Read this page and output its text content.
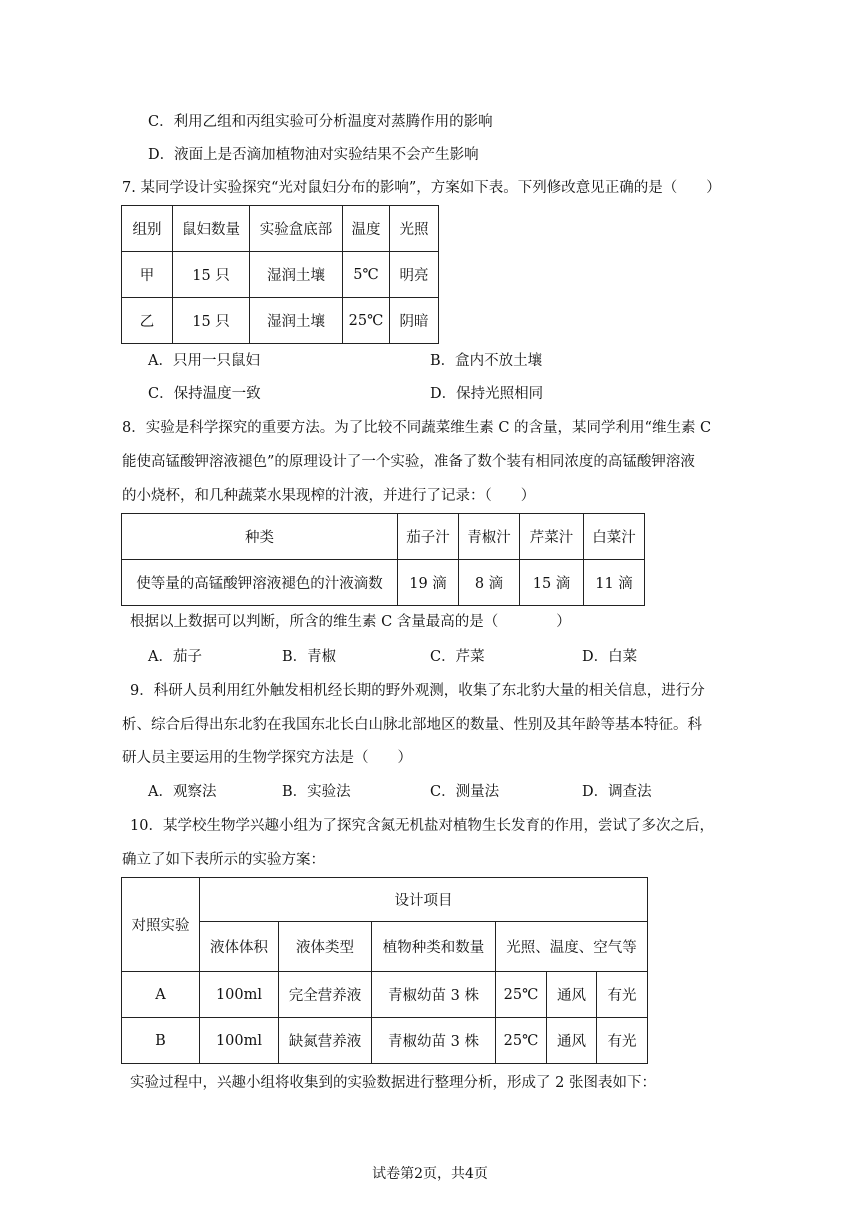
C．利用乙组和丙组实验可分析温度对蒸腾作用的影响
D．液面上是否滴加植物油对实验结果不会产生影响
7. 某同学设计实验探究“光对鼠妇分布的影响”，方案如下表。下列修改意见正确的是（　　）
组别	鼠妇数量	实验盒底部	温度	光照
甲	15 只	湿润土壤	5℃	明亮
乙	15 只	湿润土壤	25℃	阴暗
A．只用一只鼠妇	B．盒内不放土壤
C．保持温度一致	D．保持光照相同
8．实验是科学探究的重要方法。为了比较不同蔬菜维生素 C 的含量，某同学利用“维生素 C
能使高锰酸钾溶液褪色”的原理设计了一个实验，准备了数个装有相同浓度的高锰酸钾溶液
的小烧杯，和几种蔬菜水果现榨的汁液，并进行了记录：（　　）
种类	茄子汁	青椒汁	芹菜汁	白菜汁
使等量的高锰酸钾溶液褪色的汁液滴数	19 滴	8 滴	15 滴	11 滴
根据以上数据可以判断，所含的维生素 C 含量最高的是（　　　　）
A．茄子	B．青椒	C．芹菜	D．白菜
9．科研人员利用红外触发相机经长期的野外观测，收集了东北豹大量的相关信息，进行分
析、综合后得出东北豹在我国东北长白山脉北部地区的数量、性别及其年龄等基本特征。科
研人员主要运用的生物学探究方法是（　　）
A．观察法	B．实验法	C．测量法	D．调查法
10．某学校生物学兴趣小组为了探究含氮无机盐对植物生长发育的作用，尝试了多次之后，
确立了如下表所示的实验方案：
对照实验	设计项目					
	液体体积	液体类型	植物种类和数量	光照、温度、空气等		
A	100ml	完全营养液	青椒幼苗 3 株	25℃	通风	有光
B	100ml	缺氮营养液	青椒幼苗 3 株	25℃	通风	有光
实验过程中，兴趣小组将收集到的实验数据进行整理分析，形成了 2 张图表如下：
试卷第2页，共4页
